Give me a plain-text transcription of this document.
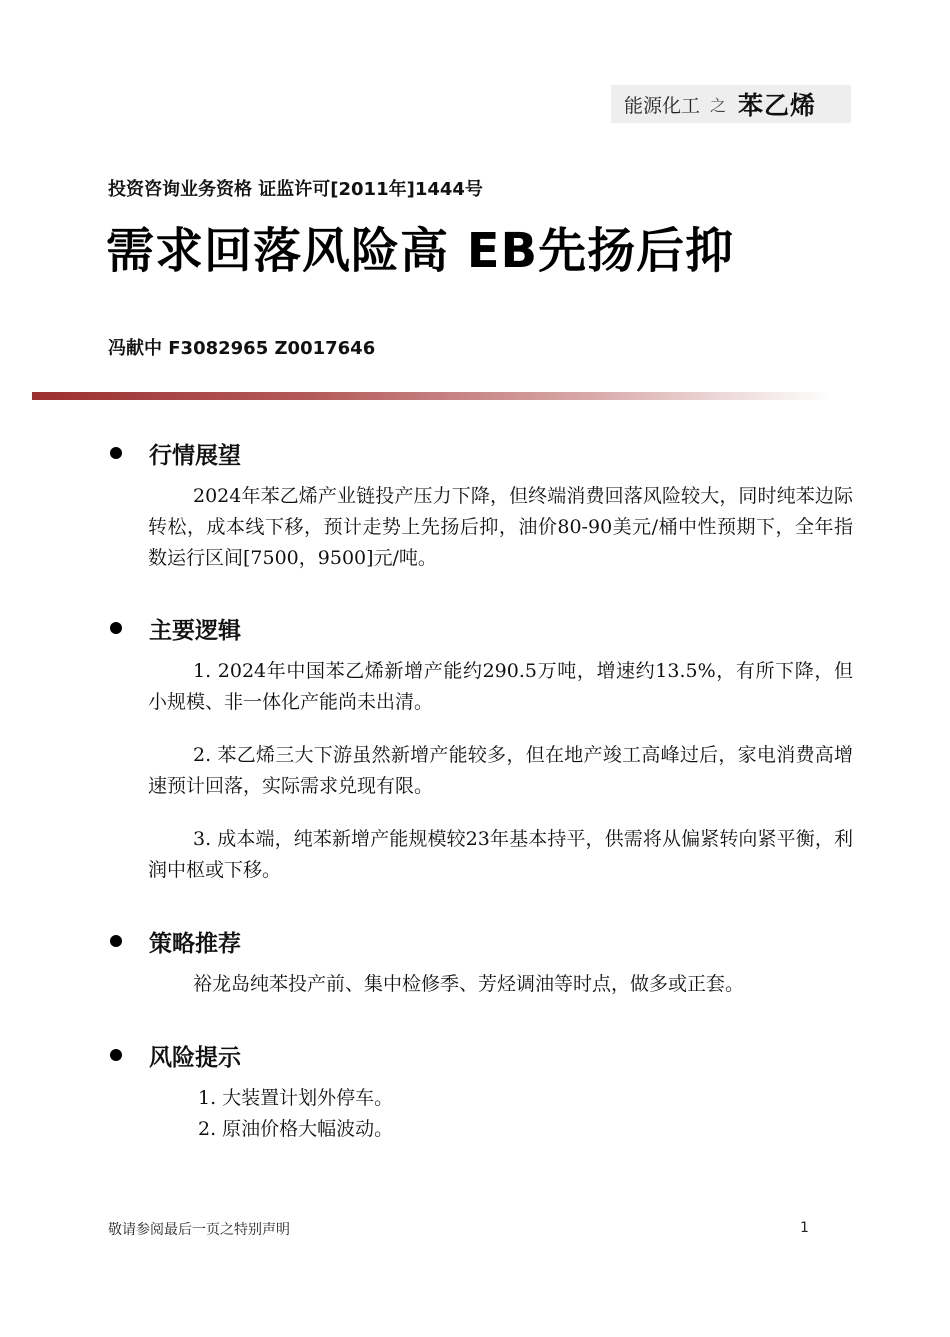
能源化工 之 苯乙烯
投资咨询业务资格 证监许可[2011年]1444号
需求回落风险高 EB先扬后抑
冯献中 F3082965 Z0017646
行情展望

2024年苯乙烯产业链投产压力下降，但终端消费回落风险较大，同时纯苯边际转松，成本线下移，预计走势上先扬后抑，油价80-90美元/桶中性预期下，全年指数运行区间[7500，9500]元/吨。

主要逻辑

1. 2024年中国苯乙烯新增产能约290.5万吨，增速约13.5%，有所下降，但小规模、非一体化产能尚未出清。

2. 苯乙烯三大下游虽然新增产能较多，但在地产竣工高峰过后，家电消费高增速预计回落，实际需求兑现有限。

3. 成本端，纯苯新增产能规模较23年基本持平，供需将从偏紧转向紧平衡，利润中枢或下移。

策略推荐

裕龙岛纯苯投产前、集中检修季、芳烃调油等时点，做多或正套。

风险提示
1. 大装置计划外停车。
2. 原油价格大幅波动。
敬请参阅最后一页之特别声明	1
